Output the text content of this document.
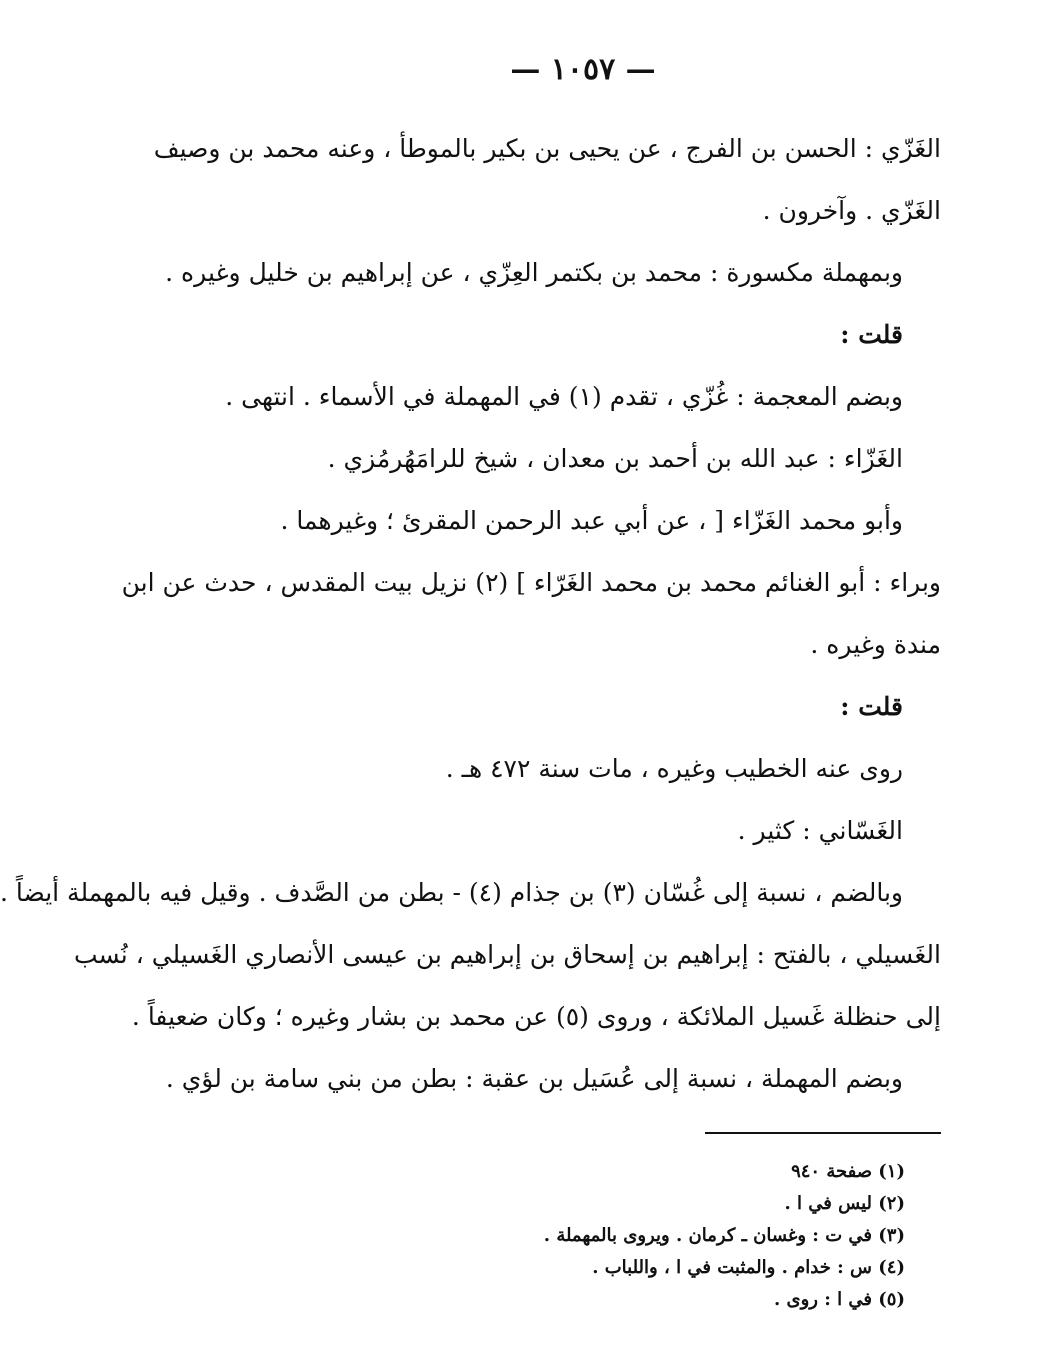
— ١٠٥٧ —
الغَزّي : الحسن بن الفرج ، عن يحيى بن بكير بالموطأ ، وعنه محمد بن وصيف
الغَزّي . وآخرون .
وبمهملة مكسورة : محمد بن بكتمر العِزّي ، عن إبراهيم بن خليل وغيره .
قلت :
وبضم المعجمة : غُزّي ، تقدم (١) في المهملة في الأسماء . انتهى .
الغَزّاء : عبد الله بن أحمد بن معدان ، شيخ للرامَهُرمُزي .
وأبو محمد الغَزّاء [ ، عن أبي عبد الرحمن المقرئ ؛ وغيرهما .
وبراء : أبو الغنائم محمد بن محمد الغَرّاء ] (٢) نزيل بيت المقدس ، حدث عن ابن
مندة وغيره .
قلت :
روى عنه الخطيب وغيره ، مات سنة ٤٧٢ هـ .
الغَسّاني : كثير .
وبالضم ، نسبة إلى غُسّان (٣) بن جذام (٤) - بطن من الصَّدف . وقيل فيه بالمهملة أيضاً .
الغَسيلي ، بالفتح : إبراهيم بن إسحاق بن إبراهيم بن عيسى الأنصاري الغَسيلي ، نُسب
إلى حنظلة غَسيل الملائكة ، وروى (٥) عن محمد بن بشار وغيره ؛ وكان ضعيفاً .
وبضم المهملة ، نسبة إلى عُسَيل بن عقبة : بطن من بني سامة بن لؤي .
(١) صفحة ٩٤٠
(٢) ليس في ا .
(٣) في ت : وغسان ـ كرمان . ويروى بالمهملة .
(٤) س : خدام . والمثبت في ا ، واللباب .
(٥) في ا : روى .
